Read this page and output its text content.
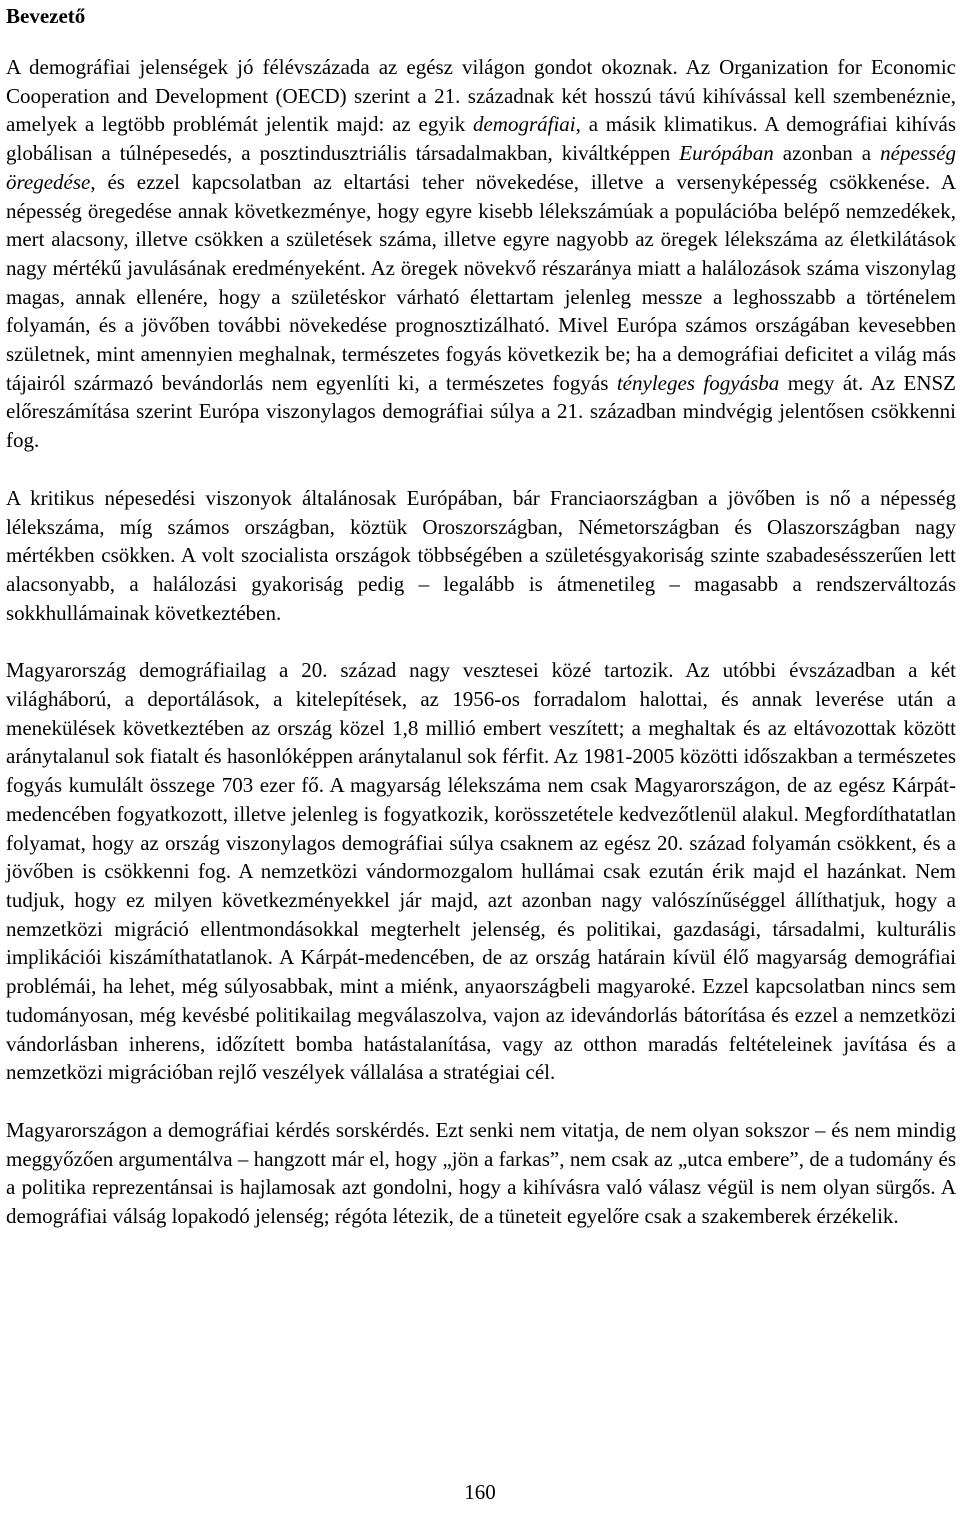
Bevezető

A demográfiai jelenségek jó félévszázada az egész világon gondot okoznak. Az Organization for Economic Cooperation and Development (OECD) szerint a 21. századnak két hosszú távú kihívással kell szembenéznie, amelyek a legtöbb problémát jelentik majd: az egyik demográfiai, a másik klimatikus. A demográfiai kihívás globálisan a túlnépesedés, a posztindusztriális társadalmakban, kiváltképpen Európában azonban a népesség öregedése, és ezzel kapcsolatban az eltartási teher növekedése, illetve a versenyképesség csökkenése. A népesség öregedése annak következménye, hogy egyre kisebb lélekszámúak a populációba belépő nemzedékek, mert alacsony, illetve csökken a születések száma, illetve egyre nagyobb az öregek lélekszáma az életkilátások nagy mértékű javulásának eredményeként. Az öregek növekvő részaránya miatt a halálozások száma viszonylag magas, annak ellenére, hogy a születéskor várható élettartam jelenleg messze a leghosszabb a történelem folyamán, és a jövőben további növekedése prognosztizálható. Mivel Európa számos országában kevesebben születnek, mint amennyien meghalnak, természetes fogyás következik be; ha a demográfiai deficitet a világ más tájairól származó bevándorlás nem egyenlíti ki, a természetes fogyás tényleges fogyásba megy át. Az ENSZ előreszámítása szerint Európa viszonylagos demográfiai súlya a 21. században mindvégig jelentősen csökkenni fog.

A kritikus népesedési viszonyok általánosak Európában, bár Franciaországban a jövőben is nő a népesség lélekszáma, míg számos országban, köztük Oroszországban, Németországban és Olaszországban nagy mértékben csökken. A volt szocialista országok többségében a születésgyakoriság szinte szabadesésszerűen lett alacsonyabb, a halálozási gyakoriság pedig – legalább is átmenetileg – magasabb a rendszerváltozás sokkhullámainak következtében.

Magyarország demográfiailag a 20. század nagy vesztesei közé tartozik. Az utóbbi évszázadban a két világháború, a deportálások, a kitelepítések, az 1956-os forradalom halottai, és annak leverése után a menekülések következtében az ország közel 1,8 millió embert veszített; a meghaltak és az eltávozottak között aránytalanul sok fiatalt és hasonlóképpen aránytalanul sok férfit. Az 1981-2005 közötti időszakban a természetes fogyás kumulált összege 703 ezer fő. A magyarság lélekszáma nem csak Magyarországon, de az egész Kárpát-medencében fogyatkozott, illetve jelenleg is fogyatkozik, korösszetétele kedvezőtlenül alakul. Megfordíthatatlan folyamat, hogy az ország viszonylagos demográfiai súlya csaknem az egész 20. század folyamán csökkent, és a jövőben is csökkenni fog. A nemzetközi vándormozgalom hullámai csak ezután érik majd el hazánkat. Nem tudjuk, hogy ez milyen következményekkel jár majd, azt azonban nagy valószínűséggel állíthatjuk, hogy a nemzetközi migráció ellentmondásokkal megterhelt jelenség, és politikai, gazdasági, társadalmi, kulturális implikációi kiszámíthatatlanok. A Kárpát-medencében, de az ország határain kívül élő magyarság demográfiai problémái, ha lehet, még súlyosabbak, mint a miénk, anyaországbeli magyaroké. Ezzel kapcsolatban nincs sem tudományosan, még kevésbé politikailag megválaszolva, vajon az idevándorlás bátorítása és ezzel a nemzetközi vándorlásban inherens, időzített bomba hatástalanítása, vagy az otthon maradás feltételeinek javítása és a nemzetközi migrációban rejlő veszélyek vállalása a stratégiai cél.

Magyarországon a demográfiai kérdés sorskérdés. Ezt senki nem vitatja, de nem olyan sokszor – és nem mindig meggyőzően argumentálva – hangzott már el, hogy „jön a farkas”, nem csak az „utca embere”, de a tudomány és a politika reprezentánsai is hajlamosak azt gondolni, hogy a kihívásra való válasz végül is nem olyan sürgős. A demográfiai válság lopakodó jelenség; régóta létezik, de a tüneteit egyelőre csak a szakemberek érzékelik.

160
